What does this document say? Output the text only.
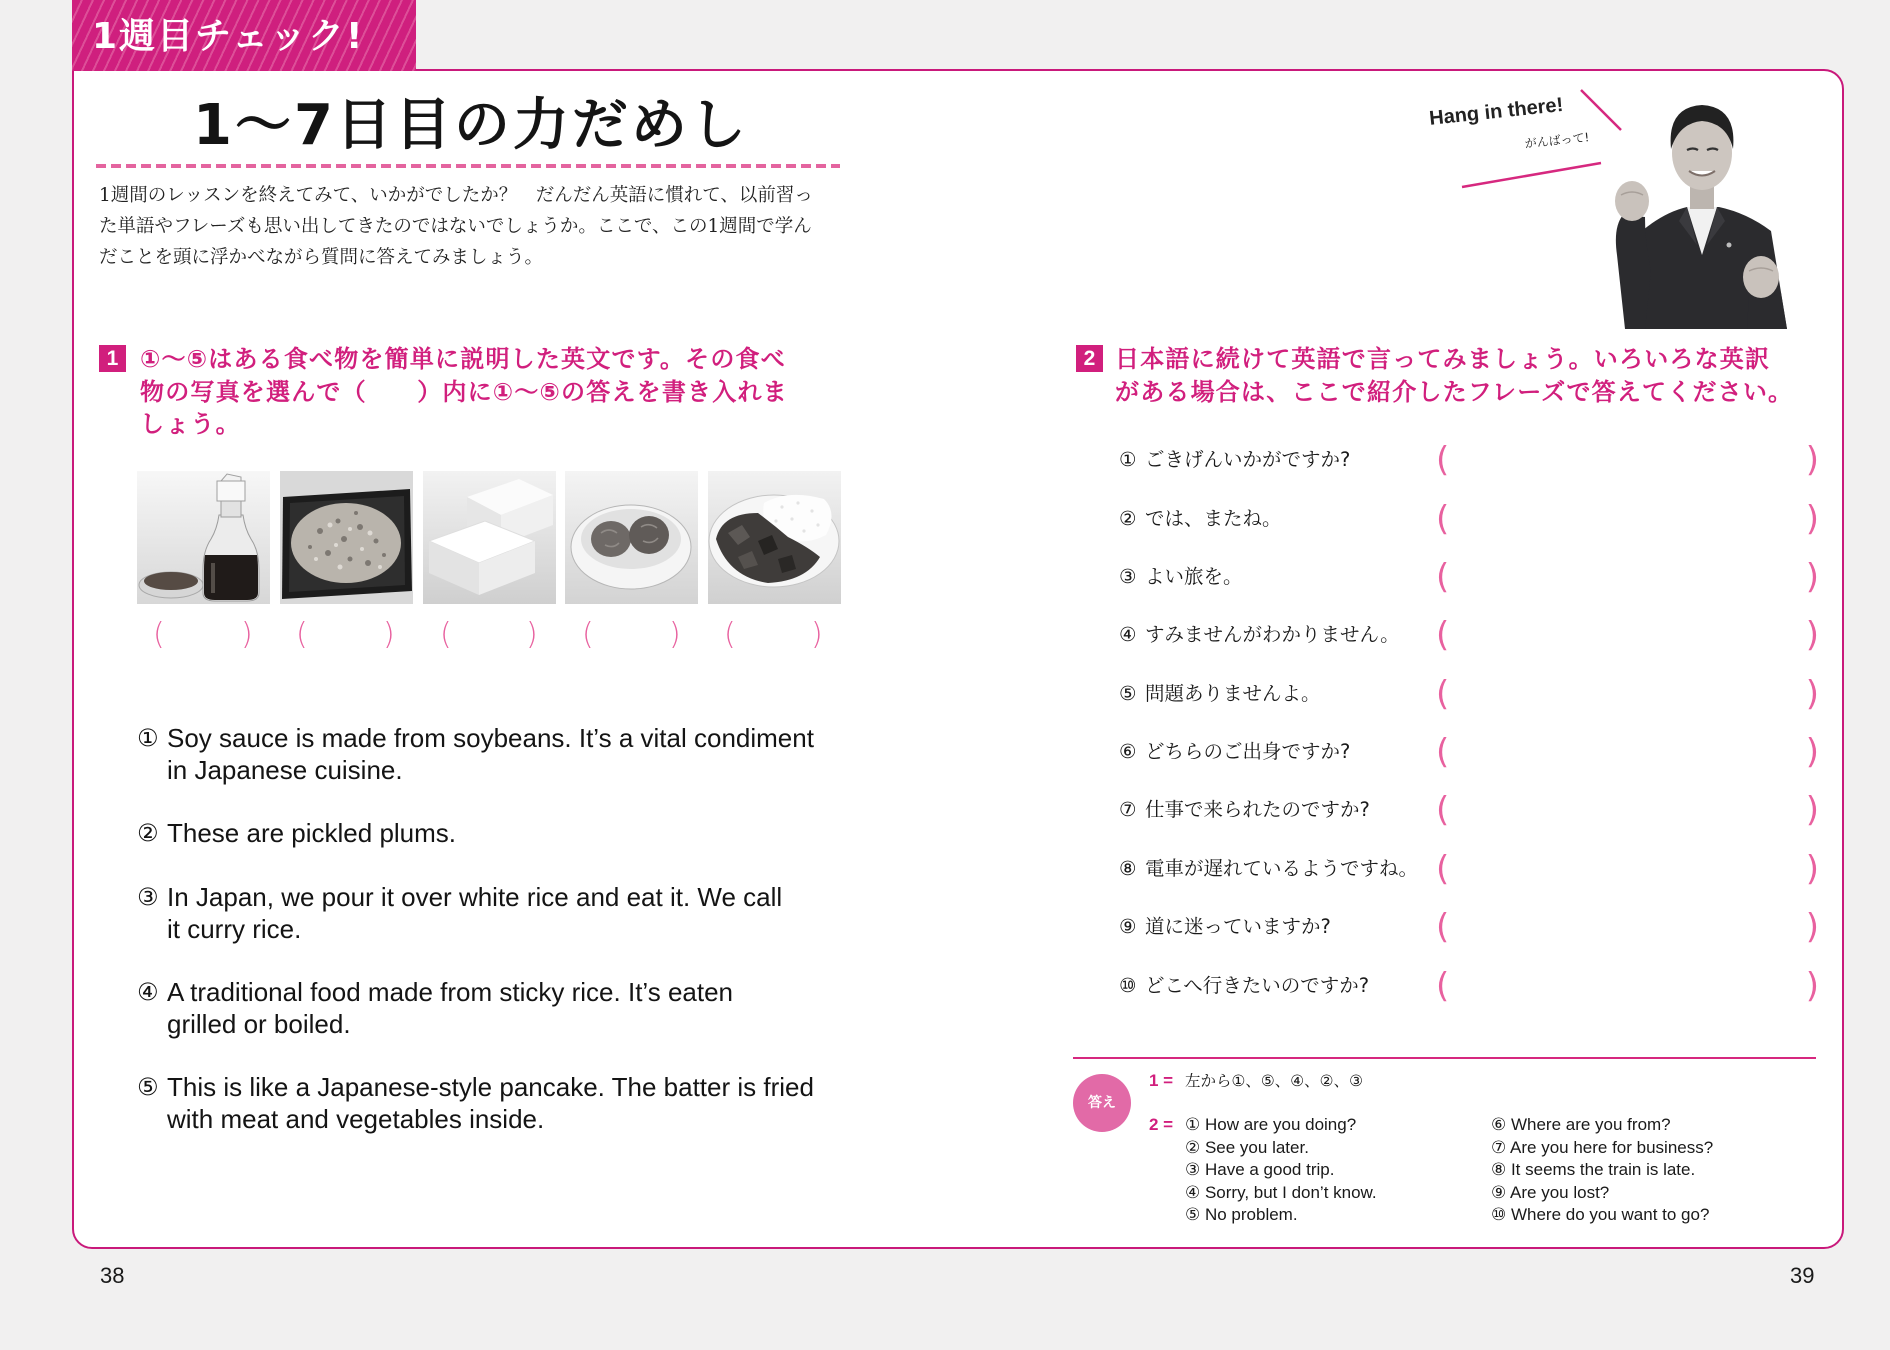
1週目チェック!
1～7日目の力だめし
1週間のレッスンを終えてみて、いかがでしたか？　だんだん英語に慣れて、以前習っ
た単語やフレーズも思い出してきたのではないでしょうか。ここで、この1週間で学ん
だことを頭に浮かべながら質問に答えてみましょう。
Hang in there!
がんばって!
1 ①～⑤はある食べ物を簡単に説明した英文です。その食べ
物の写真を選んで（　　）内に①～⑤の答えを書き入れま
しょう。
(	) (	) ( ) (	) (	)
① Soy sauce is made from soybeans. It’s a vital condiment
in Japanese cuisine.
② These are pickled plums.
③ In Japan, we pour it over white rice and eat it. We call
it curry rice.
④ A traditional food made from sticky rice. It’s eaten
grilled or boiled.
⑤ This is like a Japanese-style pancake. The batter is fried
with meat and vegetables inside.
2 日本語に続けて英語で言ってみましょう。いろいろな英訳
がある場合は、ここで紹介したフレーズで答えてください。
① ごきげんいかがですか?	(	)
② では、またね。	(	)
③ よい旅を。	(	)
④ すみませんがわかりません。 (	)
⑤ 問題ありませんよ。	(	)
⑥ どちらのご出身ですか?	(	)
⑦ 仕事で来られたのですか? (	)
⑧ 電車が遅れているようですね。 (	)
⑨ 道に迷っていますか?	(	)
⑩ どこへ行きたいのですか? (	)
答え
1 = 左から①、⑤、④、②、③
2 = ① How are you doing?
② See you later.
③ Have a good trip.
④ Sorry, but I don’t know.
⑤ No problem.
⑥ Where are you from?
⑦ Are you here for business?
⑧ It seems the train is late.
⑨ Are you lost?
⑩ Where do you want to go?
38	39
